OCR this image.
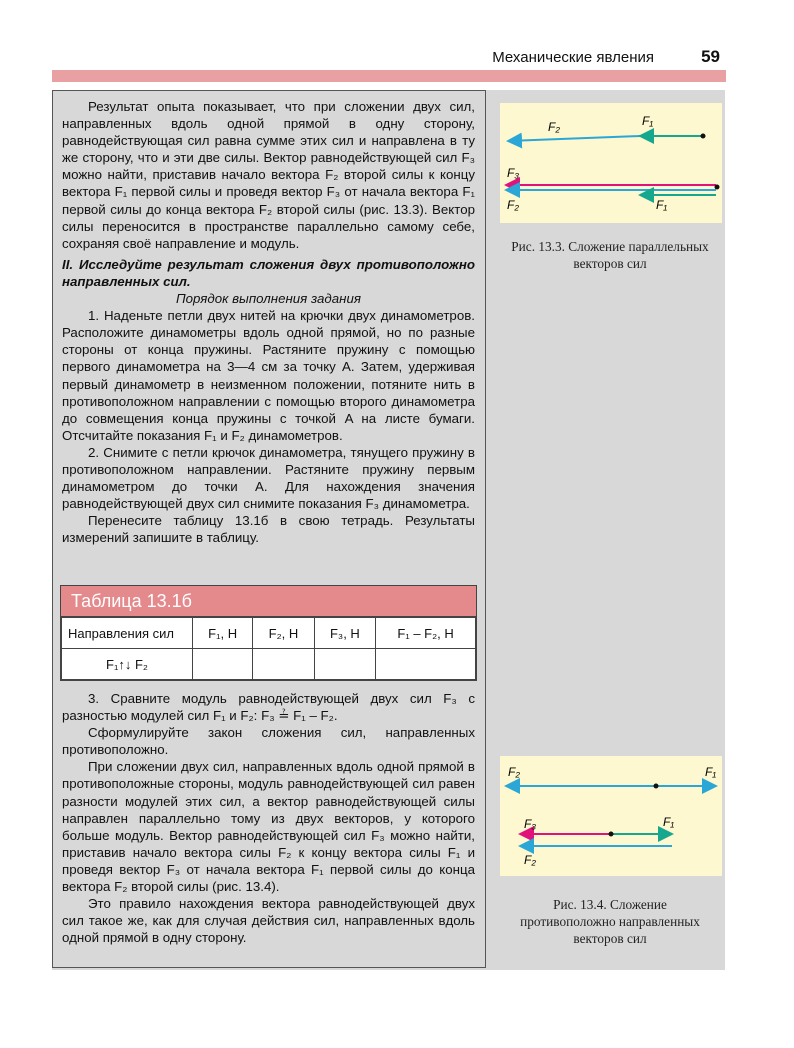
Механические явления	59

Результат опыта показывает, что при сложении двух сил, направленных вдоль одной прямой в одну сторону, равнодействующая сил равна сумме этих сил и направлена в ту же сторону, что и эти две силы. Вектор равнодействующей сил F₃ можно найти, приставив начало вектора F₂ второй силы к концу вектора F₁ первой силы и проведя вектор F₃ от начала вектора F₁ первой силы до конца вектора F₂ второй силы (рис. 13.3). Вектор силы переносится в пространстве параллельно самому себе, сохраняя своё направление и модуль.

II. Исследуйте результат сложения двух противоположно направленных сил.

Порядок выполнения задания

1. Наденьте петли двух нитей на крючки двух динамометров. Расположите динамометры вдоль одной прямой, но по разные стороны от конца пружины. Растяните пружину с помощью первого динамометра на 3—4 см за точку A. Затем, удерживая первый динамометр в неизменном положении, потяните нить в противоположном направлении с помощью второго динамометра до совмещения конца пружины с точкой A на листе бумаги. Отсчитайте показания F₁ и F₂ динамометров.

2. Снимите с петли крючок динамометра, тянущего пружину в противоположном направлении. Растяните пружину первым динамометром до точки A. Для нахождения значения равнодействующей двух сил снимите показания F₃ динамометра.

Перенесите таблицу 13.1б в свою тетрадь. Результаты измерений запишите в таблицу.

Таблица 13.1б
Направления сил	F₁, Н	F₂, Н	F₃, Н	F₁ – F₂, Н
F₁↑↓ F₂				

3. Сравните модуль равнодействующей двух сил F₃ с разностью модулей сил F₁ и F₂: F₃ ≟ F₁ – F₂.

Сформулируйте закон сложения сил, направленных противоположно.

При сложении двух сил, направленных вдоль одной прямой в противоположные стороны, модуль равнодействующей сил равен разности модулей этих сил, а вектор равнодействующей силы направлен параллельно тому из двух векторов, у которого больше модуль. Вектор равнодействующей сил F₃ можно найти, приставив начало вектора силы F₂ к концу вектора силы F₁ и проведя вектор F₃ от начала вектора F₁ первой силы до конца вектора F₂ второй силы (рис. 13.4).

Это правило нахождения вектора равнодействующей двух сил такое же, как для случая действия сил, направленных вдоль одной прямой в одну сторону.

F₂	F₁
F₃
F₂	F₁
Рис. 13.3. Сложение параллельных векторов сил
F₂	F₁
F₃	F₁
F₂
Рис. 13.4. Сложение противоположно направленных векторов сил
